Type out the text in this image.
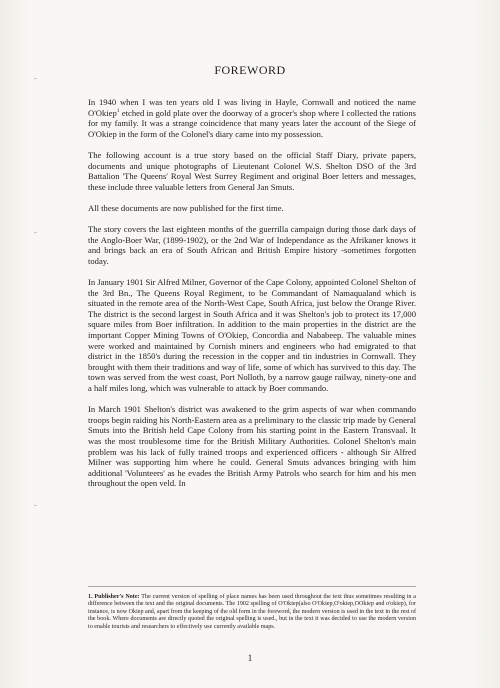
FOREWORD

In 1940 when I was ten years old I was living in Hayle, Cornwall and noticed the name O'Okiep$^1$ etched in gold plate over the doorway of a grocer's shop where I collected the rations for my family. It was a strange coincidence that many years later the account of the Siege of O'Okiep in the form of the Colonel's diary came into my possession.

The following account is a true story based on the official Staff Diary, private papers, documents and unique photographs of Lieutenant Colonel W.S. Shelton DSO of the 3rd Battalion 'The Queens' Royal West Surrey Regiment and original Boer letters and messages, these include three valuable letters from General Jan Smuts.

All these documents are now published for the first time.

The story covers the last eighteen months of the guerrilla campaign during those dark days of the Anglo-Boer War, (1899-1902), or the 2nd War of Independance as the Afrikaner knows it and brings back an era of South African and British Empire history -sometimes forgotten today.

In January 1901 Sir Alfred Milner, Governor of the Cape Colony, appointed Colonel Shelton of the 3rd Bn., The Queens Royal Regiment, to be Commandant of Namaqualand which is situated in the remote area of the North-West Cape, South Africa, just below the Orange River. The district is the second largest in South Africa and it was Shelton's job to protect its 17,000 square miles from Boer infiltration. In addition to the main properties in the district are the important Copper Mining Towns of O'Okiep, Concordia and Nababeep. The valuable mines were worked and maintained by Cornish miners and engineers who had emigrated to that district in the 1850's during the recession in the copper and tin industries in Cornwall. They brought with them their traditions and way of life, some of which has survived to this day. The town was served from the west coast, Port Nolloth, by a narrow gauge railway, ninety-one and a half miles long, which was vulnerable to attack by Boer commando.

In March 1901 Shelton's district was awakened to the grim aspects of war when commando troops begin raiding his North-Eastern area as a preliminary to the classic trip made by General Smuts into the British held Cape Colony from his starting point in the Eastern Transvaal. It was the most troublesome time for the British Military Authorities. Colonel Shelton's main problem was his lack of fully trained troops and experienced officers - although Sir Alfred Milner was supporting him where he could. General Smuts advances bringing with him additional 'Volunteers' as he evades the British Army Patrols who search for him and his men throughout the open veld. In

1. Publisher's Note: The current version of spelling of place names has been used throughout the text thus sometimes resulting in a difference between the text and the original documents. The 1902 spelling of O'Okiep(also O'Okiep,O'okiep,OOkiep and o'okiep), for instance, is now Okiep and, apart from the keeping of the old form in the foreword, the modern version is used in the text in the rest of the book. Where documents are directly quoted the original spelling is used., but in the text it was decided to use the modern version to enable tourists and researchers to effectively use currently available maps.

1
